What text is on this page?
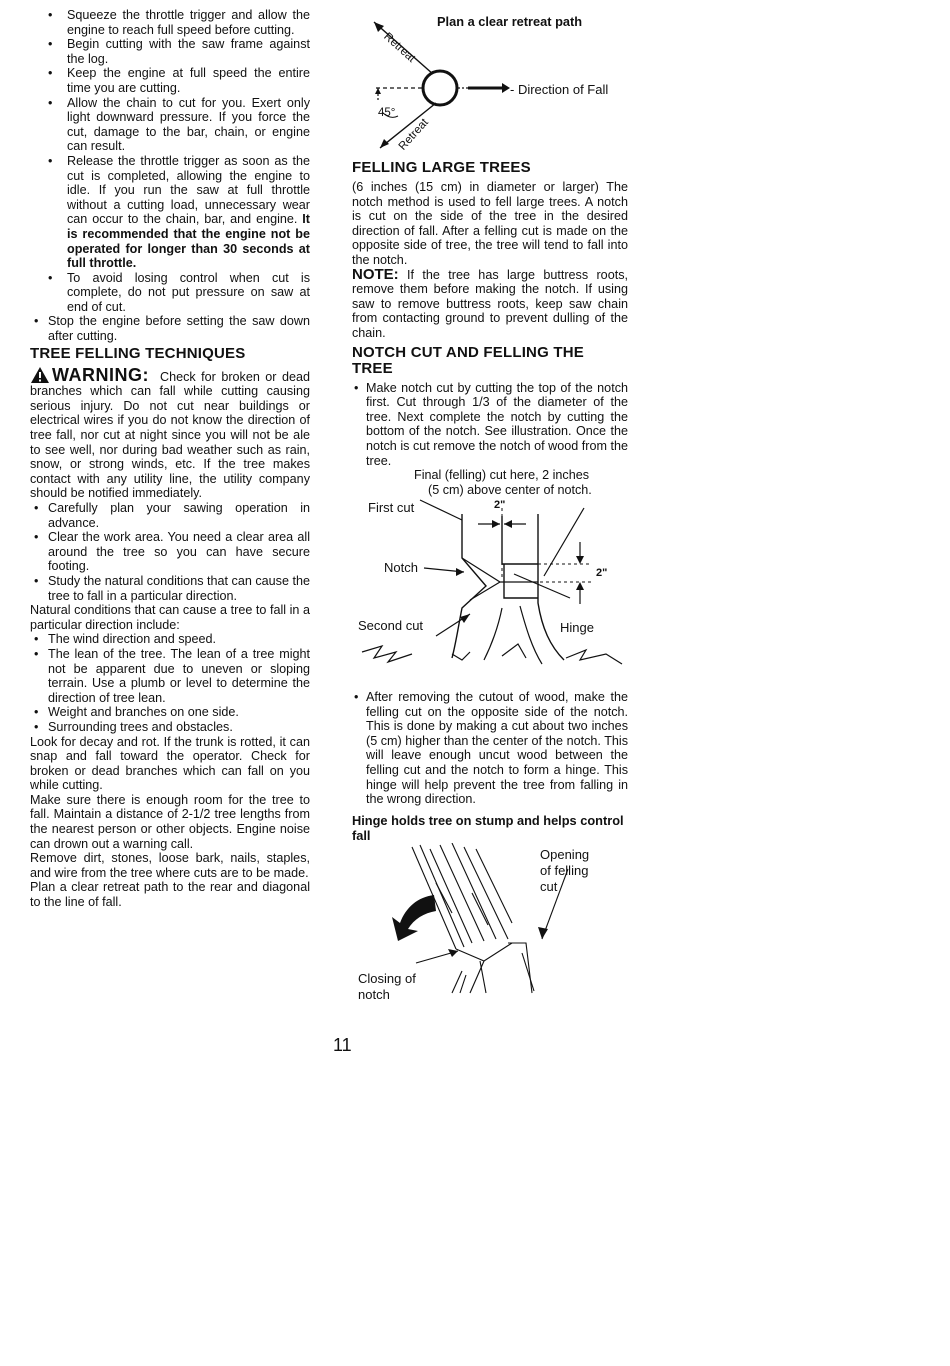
• Squeeze the throttle trigger and allow the engine to reach full speed before cutting.
• Begin cutting with the saw frame against the log.
• Keep the engine at full speed the entire time you are cutting.
• Allow the chain to cut for you. Exert only light downward pressure. If you force the cut, damage to the bar, chain, or engine can result.
• Release the throttle trigger as soon as the cut is completed, allowing the engine to idle. If you run the saw at full throttle without a cutting load, unnecessary wear can occur to the chain, bar, and engine. It is recommended that the engine not be operated for longer than 30 seconds at full throttle.
• To avoid losing control when cut is complete, do not put pressure on saw at end of cut.
• Stop the engine before setting the saw down after cutting.
TREE FELLING TECHNIQUES

WARNING: Check for broken or dead branches which can fall while cutting causing serious injury. Do not cut near buildings or electrical wires if you do not know the direction of tree fall, nor cut at night since you will not be ale to see well, nor during bad weather such as rain, snow, or strong winds, etc. If the tree makes contact with any utility line, the utility company should be notified immediately.

• Carefully plan your sawing operation in advance.
• Clear the work area. You need a clear area all around the tree so you can have secure footing.
• Study the natural conditions that can cause the tree to fall in a particular direction.

Natural conditions that can cause a tree to fall in a particular direction include:

• The wind direction and speed.
• The lean of the tree. The lean of a tree might not be apparent due to uneven or sloping terrain. Use a plumb or level to determine the direction of tree lean.
• Weight and branches on one side.
• Surrounding trees and obstacles.

Look for decay and rot. If the trunk is rotted, it can snap and fall toward the operator. Check for broken or dead branches which can fall on you while cutting.

Make sure there is enough room for the tree to fall. Maintain a distance of 2-1/2 tree lengths from the nearest person or other objects. Engine noise can drown out a warning call.

Remove dirt, stones, loose bark, nails, staples, and wire from the tree where cuts are to be made.

Plan a clear retreat path to the rear and diagonal to the line of fall.

Plan a clear retreat path
Retreat
Retreat
45°
- Direction of Fall
FELLING LARGE TREES

(6 inches (15 cm) in diameter or larger) The notch method is used to fell large trees. A notch is cut on the side of the tree in the desired direction of fall. After a felling cut is made on the opposite side of tree, the tree will tend to fall into the notch.

NOTE: If the tree has large buttress roots, remove them before making the notch. If using saw to remove buttress roots, keep saw chain from contacting ground to prevent dulling of the chain.

NOTCH CUT AND FELLING THE TREE
• Make notch cut by cutting the top of the notch first. Cut through 1/3 of the diameter of the tree. Next complete the notch by cutting the bottom of the notch. See illustration. Once the notch is cut remove the notch of wood from the tree.
Final (felling) cut here, 2 inches
(5 cm) above center of notch.
First cut
Notch
Second cut	Hinge
2"
2"
• After removing the cutout of wood, make the felling cut on the opposite side of the notch. This is done by making a cut about two inches (5 cm) higher than the center of the notch. This will leave enough uncut wood between the felling cut and the notch to form a hinge. This hinge will help prevent the tree from falling in the wrong direction.

Hinge holds tree on stump and helps control fall

Opening
of felling
cut
Closing of
notch
11
